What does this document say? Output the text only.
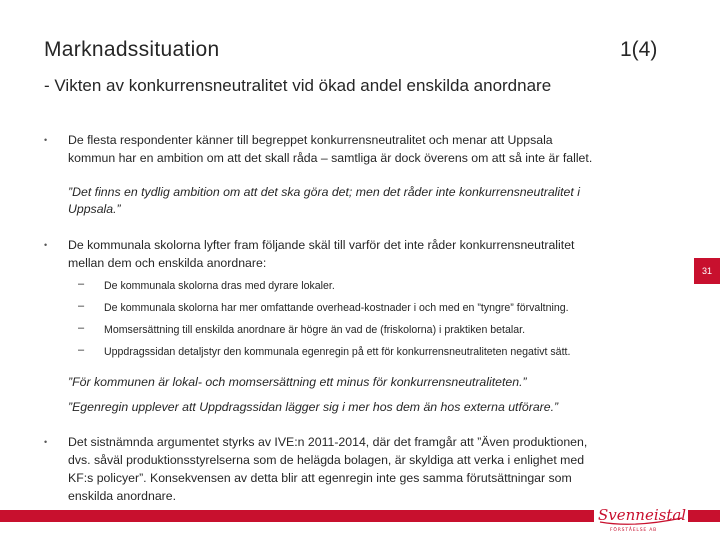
Marknadssituation	1(4)
- Vikten av konkurrensneutralitet vid ökad andel enskilda anordnare
• De flesta respondenter känner till begreppet konkurrensneutralitet och menar att Uppsala
kommun har en ambition om att det skall råda – samtliga är dock överens om att så inte är fallet.
”Det finns en tydlig ambition om att det ska göra det; men det råder inte konkurrensneutralitet i
Uppsala.”
• De kommunala skolorna lyfter fram följande skäl till varför det inte råder konkurrensneutralitet
mellan dem och enskilda anordnare:
– De kommunala skolorna dras med dyrare lokaler.
– De kommunala skolorna har mer omfattande overhead-kostnader i och med en ”tyngre” förvaltning.
– Momsersättning till enskilda anordnare är högre än vad de (friskolorna) i praktiken betalar.
– Uppdragssidan detaljstyr den kommunala egenregin på ett för konkurrensneutraliteten negativt sätt.
”För kommunen är lokal- och momsersättning ett minus för konkurrensneutraliteten.”
”Egenregin upplever att Uppdragssidan lägger sig i mer hos dem än hos externa utförare.”
• Det sistnämnda argumentet styrks av IVE:n 2011-2014, där det framgår att ”Även produktionen,
dvs. såväl produktionsstyrelserna som de helägda bolagen, är skyldiga att verka i enlighet med
KF:s policyer”. Konsekvensen av detta blir att egenregin inte ges samma förutsättningar som
enskilda anordnare.
31
Svenneistal
FÖRSTÅELSE AB
